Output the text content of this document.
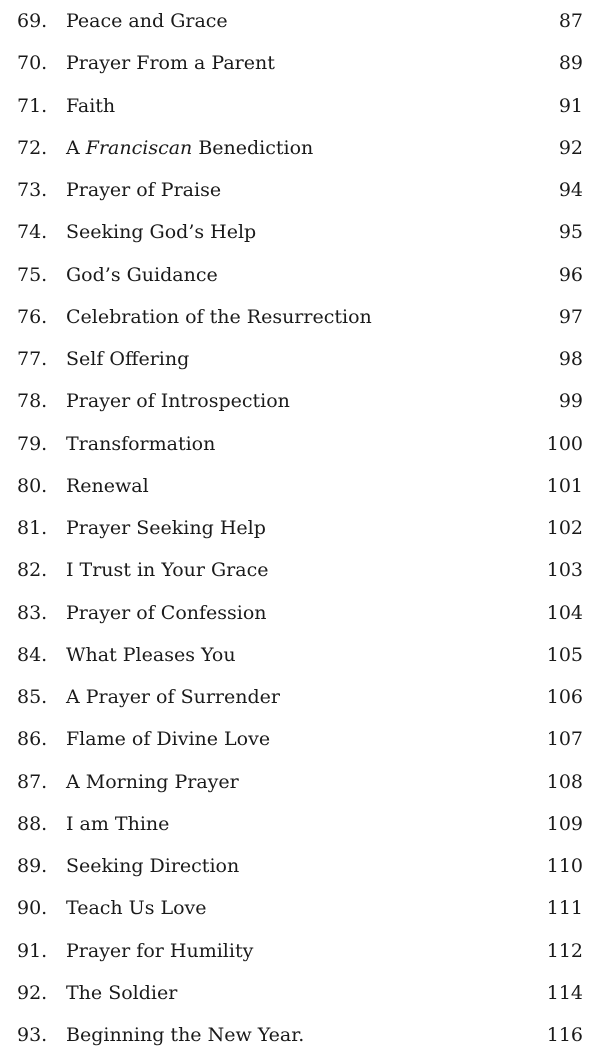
69. Peace and Grace	87
70. Prayer From a Parent	89
71. Faith	91
72. A Franciscan Benediction	92
73. Prayer of Praise	94
74. Seeking God’s Help	95
75. God’s Guidance	96
76. Celebration of the Resurrection	97
77. Self Offering	98
78. Prayer of Introspection	99
79. Transformation	100
80. Renewal	101
81. Prayer Seeking Help	102
82. I Trust in Your Grace	103
83. Prayer of Confession	104
84. What Pleases You	105
85. A Prayer of Surrender	106
86. Flame of Divine Love	107
87. A Morning Prayer	108
88. I am Thine	109
89. Seeking Direction	110
90. Teach Us Love	111
91. Prayer for Humility	112
92. The Soldier	114
93. Beginning the New Year.	116
